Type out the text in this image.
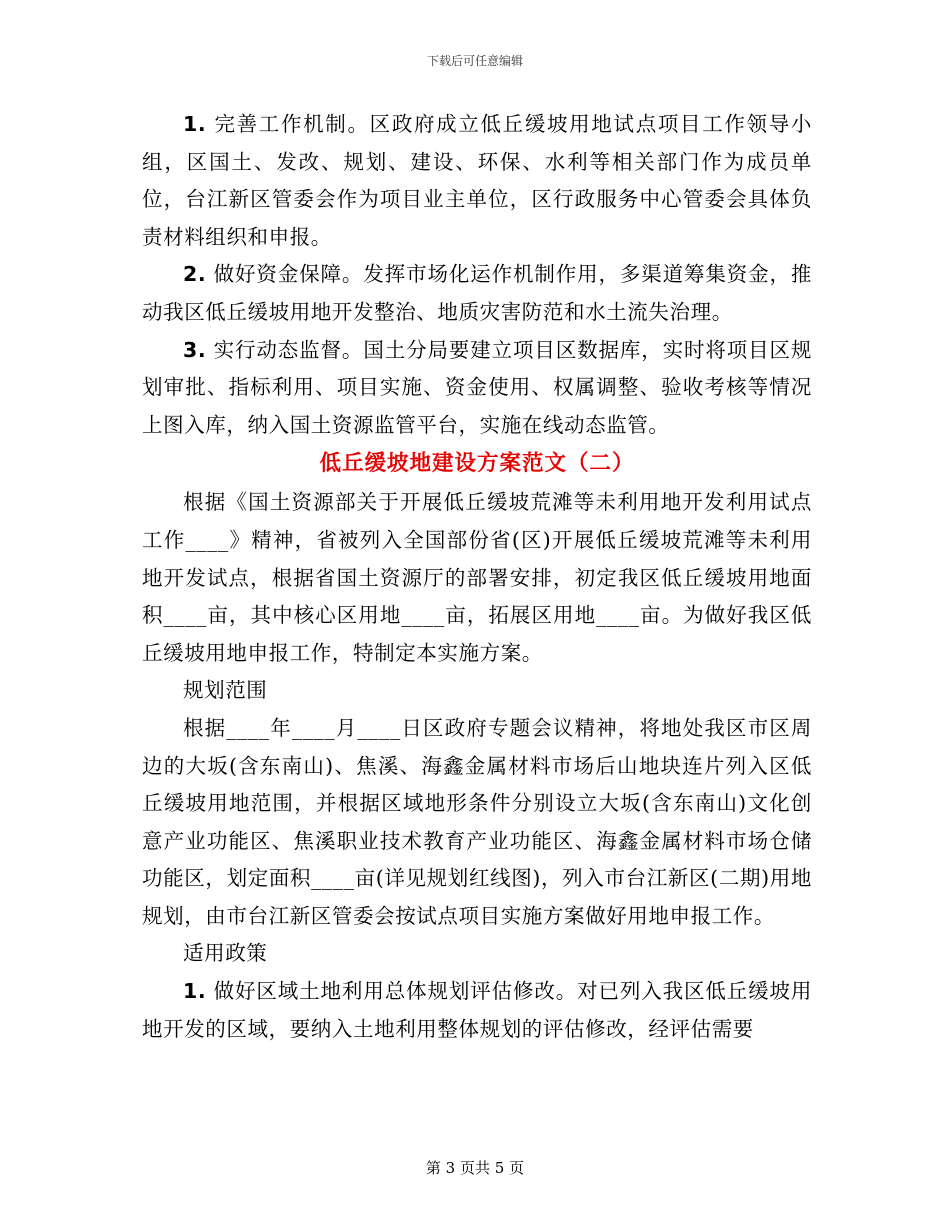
下载后可任意编辑

1. 完善工作机制。区政府成立低丘缓坡用地试点项目工作领导小组，区国土、发改、规划、建设、环保、水利等相关部门作为成员单位，台江新区管委会作为项目业主单位，区行政服务中心管委会具体负责材料组织和申报。

2. 做好资金保障。发挥市场化运作机制作用，多渠道筹集资金，推动我区低丘缓坡用地开发整治、地质灾害防范和水土流失治理。

3. 实行动态监督。国土分局要建立项目区数据库，实时将项目区规划审批、指标利用、项目实施、资金使用、权属调整、验收考核等情况上图入库，纳入国土资源监管平台，实施在线动态监管。

低丘缓坡地建设方案范文（二）

根据《国土资源部关于开展低丘缓坡荒滩等未利用地开发利用试点工作____》精神，省被列入全国部份省(区)开展低丘缓坡荒滩等未利用地开发试点，根据省国土资源厅的部署安排，初定我区低丘缓坡用地面积____亩，其中核心区用地____亩，拓展区用地____亩。为做好我区低丘缓坡用地申报工作，特制定本实施方案。

规划范围

根据____年____月____日区政府专题会议精神，将地处我区市区周边的大坂(含东南山)、焦溪、海鑫金属材料市场后山地块连片列入区低丘缓坡用地范围，并根据区域地形条件分别设立大坂(含东南山)文化创意产业功能区、焦溪职业技术教育产业功能区、海鑫金属材料市场仓储功能区，划定面积____亩(详见规划红线图)，列入市台江新区(二期)用地规划，由市台江新区管委会按试点项目实施方案做好用地申报工作。

适用政策

1. 做好区域土地利用总体规划评估修改。对已列入我区低丘缓坡用地开发的区域，要纳入土地利用整体规划的评估修改，经评估需要

第 3 页共 5 页
